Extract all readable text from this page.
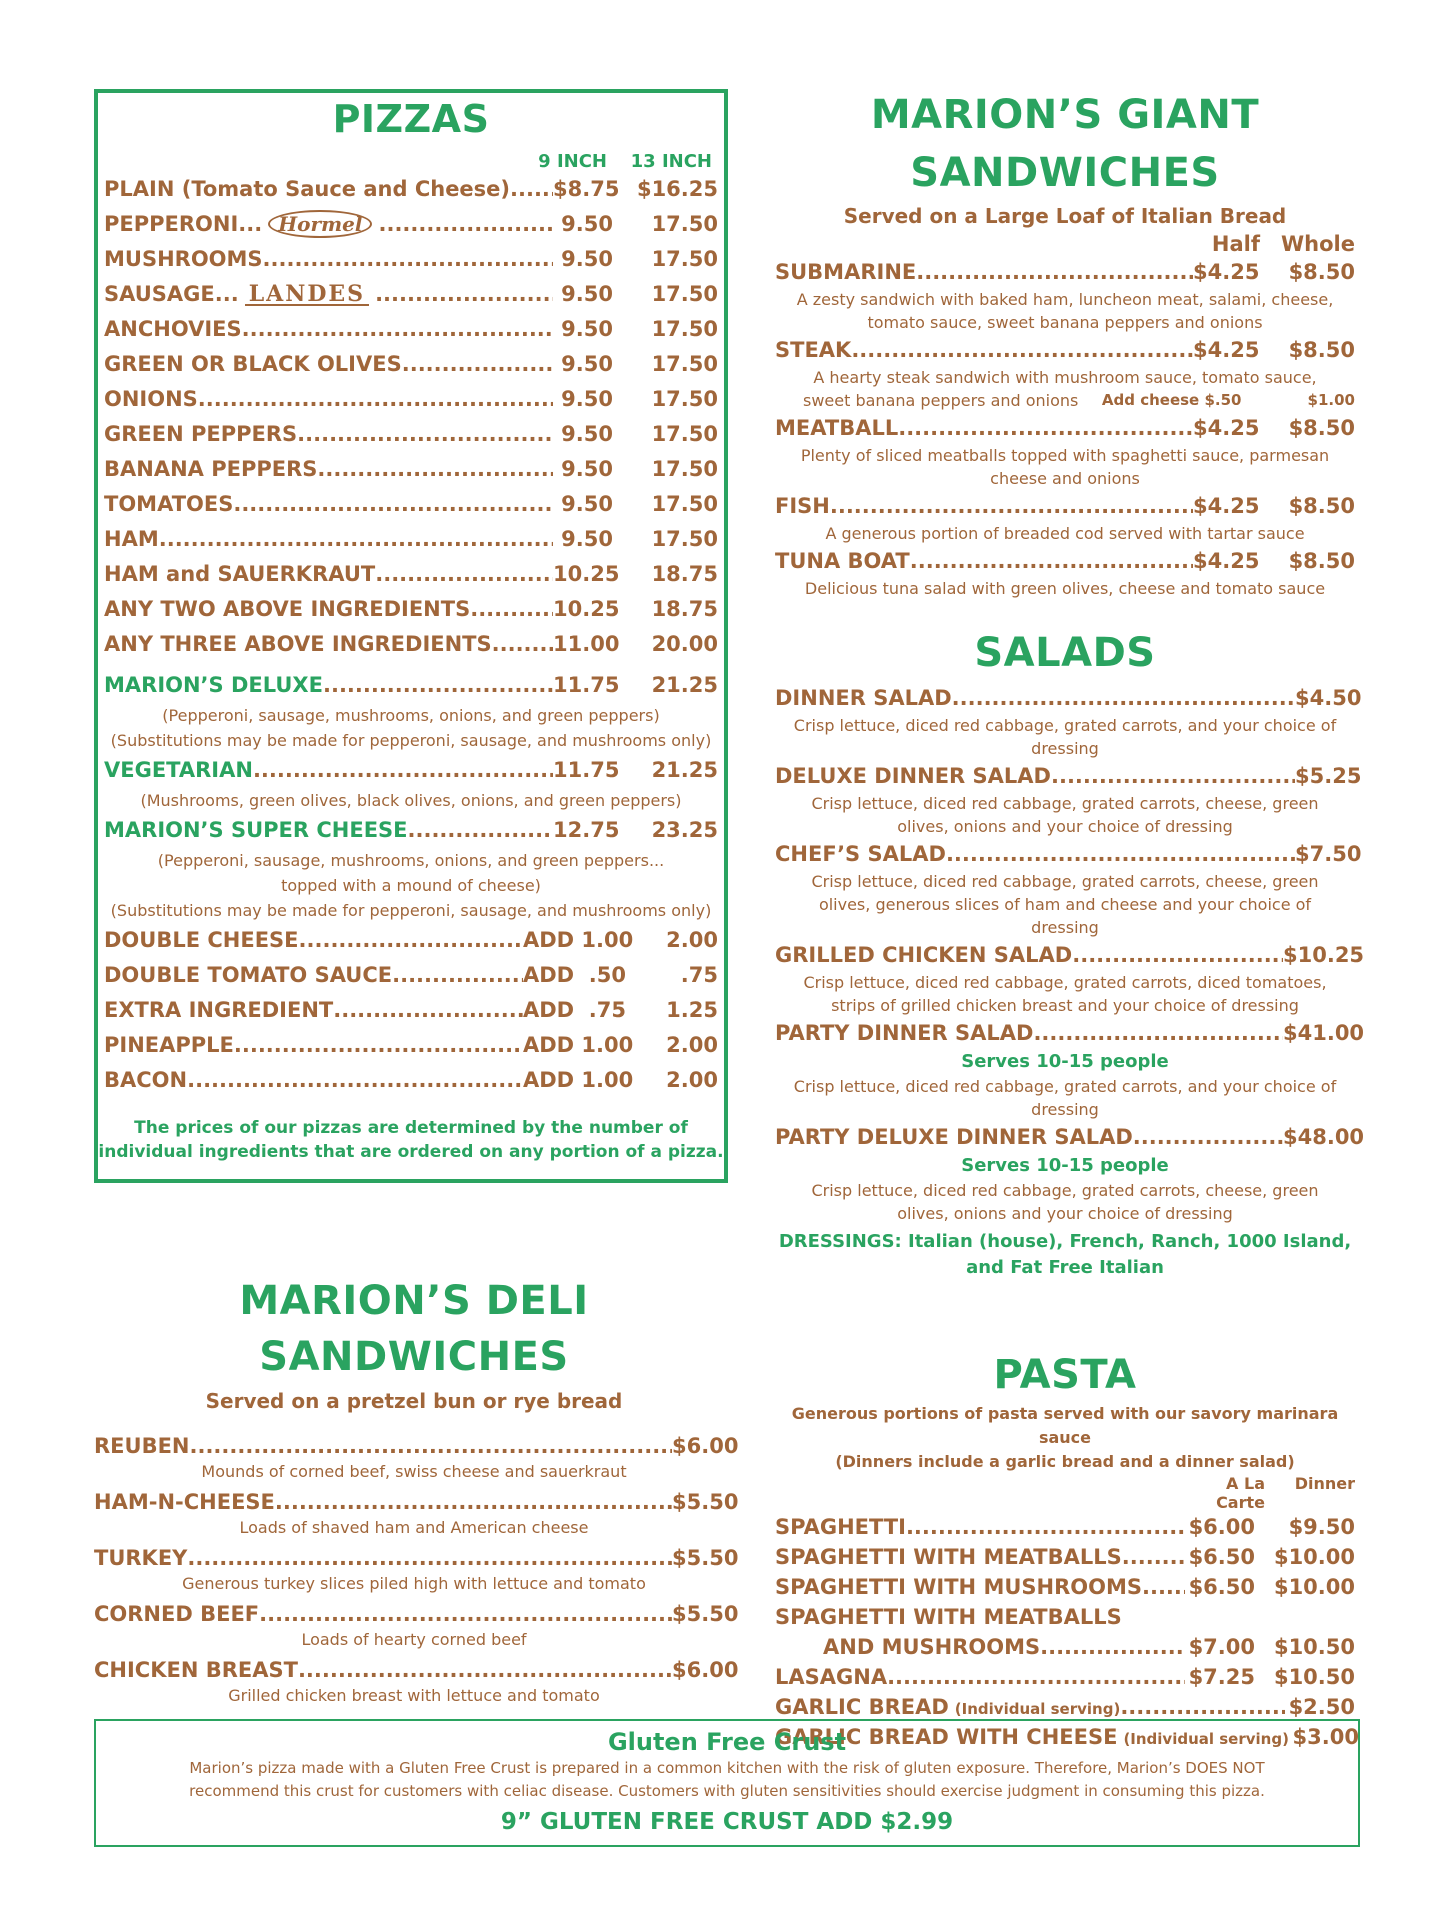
PIZZAS
9 INCH	13 INCH
PLAIN (Tomato Sauce and Cheese) ..... $8.75 $16.25
PEPPERONI... Hormel .....	9.50	17.50
MUSHROOMS .....	9.50	17.50
SAUSAGE... LANDES .....	9.50	17.50
ANCHOVIES .....	9.50	17.50
GREEN OR BLACK OLIVES .....	9.50	17.50
ONIONS .....	9.50	17.50
GREEN PEPPERS .....	9.50	17.50
BANANA PEPPERS .....	9.50	17.50
TOMATOES .....	9.50	17.50
HAM .....	9.50	17.50
HAM and SAUERKRAUT .....	10.25	18.75
ANY TWO ABOVE INGREDIENTS .....	10.25	18.75
ANY THREE ABOVE INGREDIENTS .....	11.00	20.00
MARION’S DELUXE .....	11.75	21.25
(Pepperoni, sausage, mushrooms, onions, and green peppers)
(Substitutions may be made for pepperoni, sausage, and mushrooms only)
VEGETARIAN .....	11.75	21.25
(Mushrooms, green olives, black olives, onions, and green peppers)
MARION’S SUPER CHEESE .....	12.75	23.25
(Pepperoni, sausage, mushrooms, onions, and green peppers...
topped with a mound of cheese)
(Substitutions may be made for pepperoni, sausage, and mushrooms only)
DOUBLE CHEESE .....	ADD 1.00	2.00
DOUBLE TOMATO SAUCE .....	ADD  .50	.75
EXTRA INGREDIENT .....	ADD  .75	1.25
PINEAPPLE .....	ADD 1.00	2.00
BACON .....	ADD 1.00	2.00
The prices of our pizzas are determined by the number of
individual ingredients that are ordered on any portion of a pizza.
MARION’S GIANT
SANDWICHES
Served on a Large Loaf of Italian Bread
Half	Whole
SUBMARINE .....	$4.25	$8.50
A zesty sandwich with baked ham, luncheon meat, salami, cheese, tomato sauce, sweet banana peppers and onions
STEAK .....	$4.25	$8.50
A hearty steak sandwich with mushroom sauce, tomato sauce,
sweet banana peppers and onions Add cheese $.50	$1.00
MEATBALL .....	$4.25	$8.50
Plenty of sliced meatballs topped with spaghetti sauce, parmesan cheese and onions
FISH .....	$4.25	$8.50
A generous portion of breaded cod served with tartar sauce
TUNA BOAT .....	$4.25	$8.50
Delicious tuna salad with green olives, cheese and tomato sauce
SALADS
DINNER SALAD .....	$4.50
Crisp lettuce, diced red cabbage, grated carrots, and your choice of dressing
DELUXE DINNER SALAD .....	$5.25
Crisp lettuce, diced red cabbage, grated carrots, cheese, green olives, onions and your choice of dressing
CHEF’S SALAD .....	$7.50
Crisp lettuce, diced red cabbage, grated carrots, cheese, green olives, generous slices of ham and cheese and your choice of dressing
GRILLED CHICKEN SALAD .....	$10.25
Crisp lettuce, diced red cabbage, grated carrots, diced tomatoes, strips of grilled chicken breast and your choice of dressing
PARTY DINNER SALAD .....	$41.00
Serves 10-15 people
Crisp lettuce, diced red cabbage, grated carrots, and your choice of dressing
PARTY DELUXE DINNER SALAD .....	$48.00
Serves 10-15 people
Crisp lettuce, diced red cabbage, grated carrots, cheese, green olives, onions and your choice of dressing
DRESSINGS: Italian (house), French, Ranch, 1000 Island,
and Fat Free Italian
MARION’S DELI
SANDWICHES
Served on a pretzel bun or rye bread
REUBEN .....	$6.00
Mounds of corned beef, swiss cheese and sauerkraut
HAM-N-CHEESE .....	$5.50
Loads of shaved ham and American cheese
TURKEY .....	$5.50
Generous turkey slices piled high with lettuce and tomato
CORNED BEEF .....	$5.50
Loads of hearty corned beef
CHICKEN BREAST .....	$6.00
Grilled chicken breast with lettuce and tomato
PASTA
Generous portions of pasta served with our savory marinara sauce
(Dinners include a garlic bread and a dinner salad)
A La Carte
Dinner
SPAGHETTI .....	$6.00	$9.50
SPAGHETTI WITH MEATBALLS .....	$6.50 $10.00
SPAGHETTI WITH MUSHROOMS ..... $6.50 $10.00
SPAGHETTI WITH MEATBALLS
AND MUSHROOMS .....	$7.00 $10.50
LASAGNA .....	$7.25 $10.50
GARLIC BREAD (Individual serving) .....	$2.50
GARLIC BREAD WITH CHEESE (Individual serving) $3.00
Gluten Free Crust
Marion’s pizza made with a Gluten Free Crust is prepared in a common kitchen with the risk of gluten exposure. Therefore, Marion’s DOES NOT
recommend this crust for customers with celiac disease. Customers with gluten sensitivities should exercise judgment in consuming this pizza.
9” GLUTEN FREE CRUST ADD $2.99
